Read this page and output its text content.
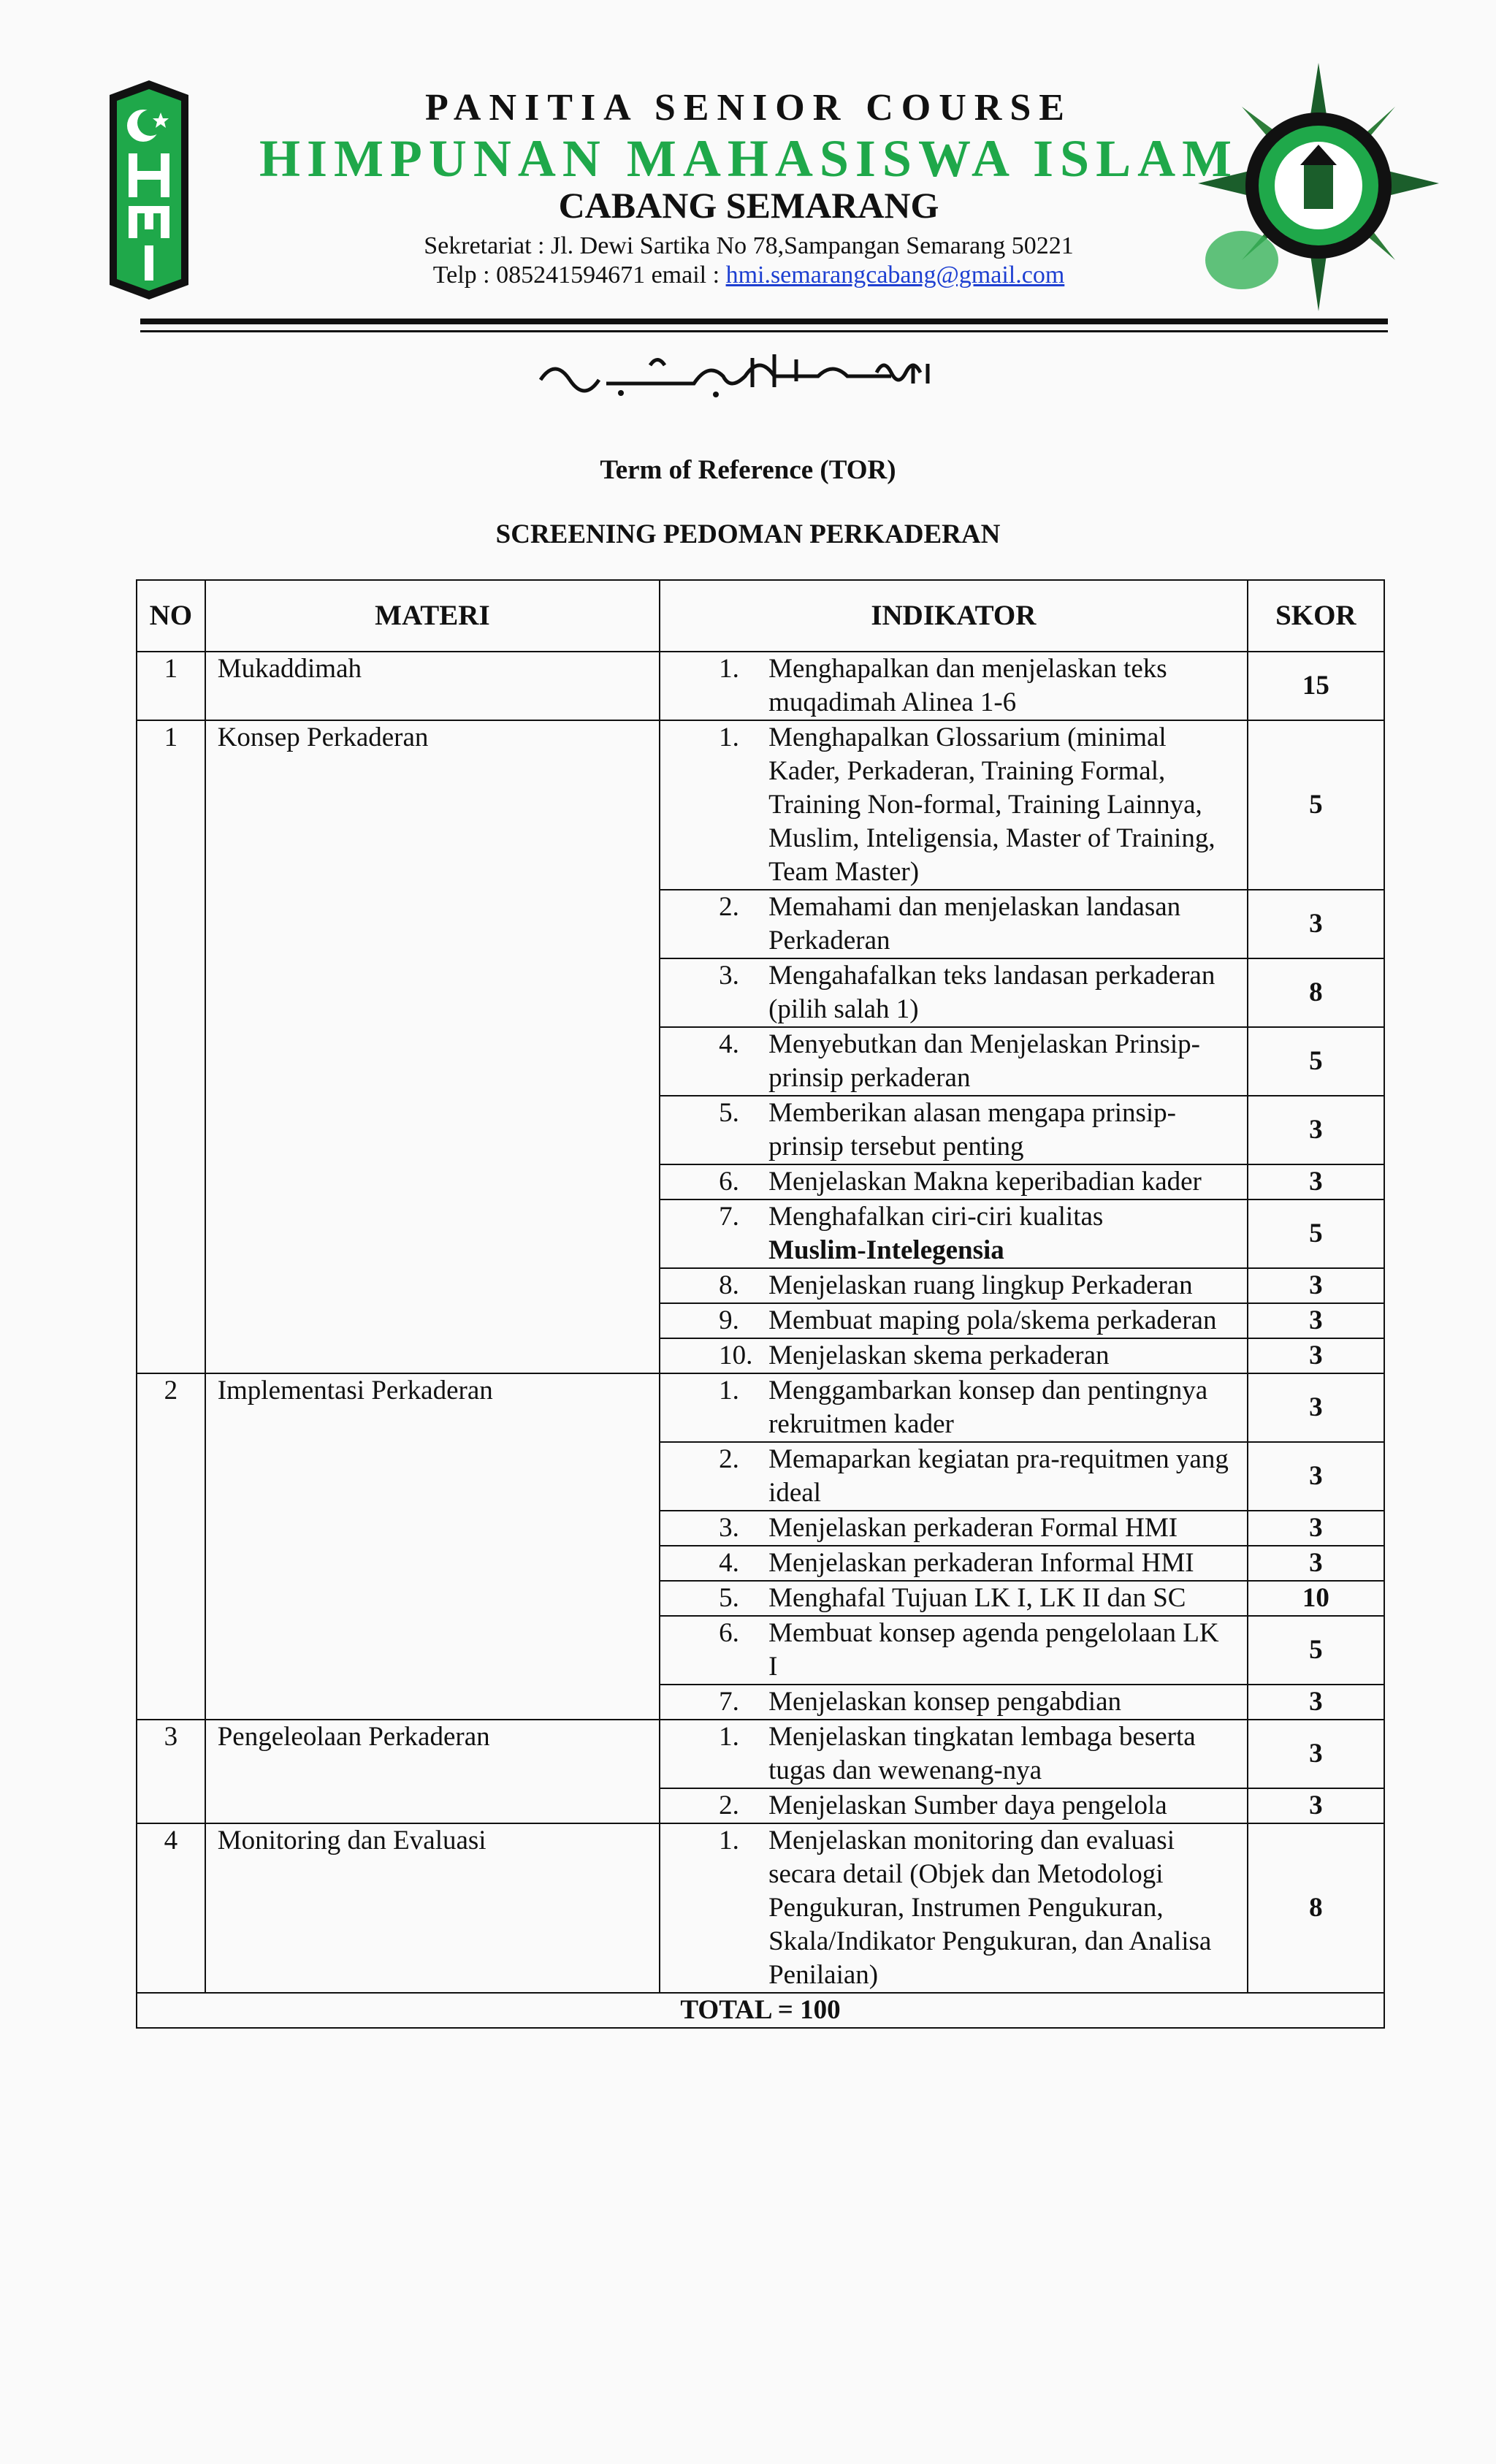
PANITIA SENIOR COURSE
HIMPUNAN MAHASISWA ISLAM
CABANG SEMARANG
Sekretariat : Jl. Dewi Sartika No 78,Sampangan Semarang 50221
Telp : 085241594671 email : hmi.semarangcabang@gmail.com
Term of Reference (TOR)
SCREENING PEDOMAN PERKADERAN
NO	MATERI	INDIKATOR	SKOR
1	Mukaddimah	1. Menghapalkan dan menjelaskan teks muqadimah Alinea 1-6	15
1	Konsep Perkaderan	1. Menghapalkan Glossarium (minimal Kader, Perkaderan, Training Formal, Training Non-formal, Training Lainnya, Muslim, Inteligensia, Master of Training, Team Master)	5

		2. Memahami dan menjelaskan landasan Perkaderan	3

		3. Mengahafalkan teks landasan perkaderan (pilih salah 1)	8

		4. Menyebutkan dan Menjelaskan Prinsip-prinsip perkaderan	5

		5. Memberikan alasan mengapa prinsip-prinsip tersebut penting	3

		6. Menjelaskan Makna keperibadian kader	3

		7. Menghafalkan ciri-ciri kualitas
Muslim-Intelegensia	5

		8. Menjelaskan ruang lingkup Perkaderan	3

		9. Membuat maping pola/skema perkaderan	3

		10. Menjelaskan skema perkaderan	3
2	Implementasi Perkaderan	1. Menggambarkan konsep dan pentingnya rekruitmen kader	3

		2. Memaparkan kegiatan pra-requitmen yang ideal	3

		3. Menjelaskan perkaderan Formal HMI	3

		4. Menjelaskan perkaderan Informal HMI	3

		5. Menghafal Tujuan LK I, LK II dan SC	10

		6. Membuat konsep agenda pengelolaan LK I	5

		7. Menjelaskan konsep pengabdian	3
3	Pengeleolaan Perkaderan	1. Menjelaskan tingkatan lembaga beserta tugas dan wewenang-nya	3

		2. Menjelaskan Sumber daya pengelola	3
4	Monitoring dan Evaluasi	1. Menjelaskan monitoring dan evaluasi secara detail (Objek dan Metodologi Pengukuran, Instrumen Pengukuran, Skala/Indikator Pengukuran, dan Analisa Penilaian)	8
TOTAL = 100			
